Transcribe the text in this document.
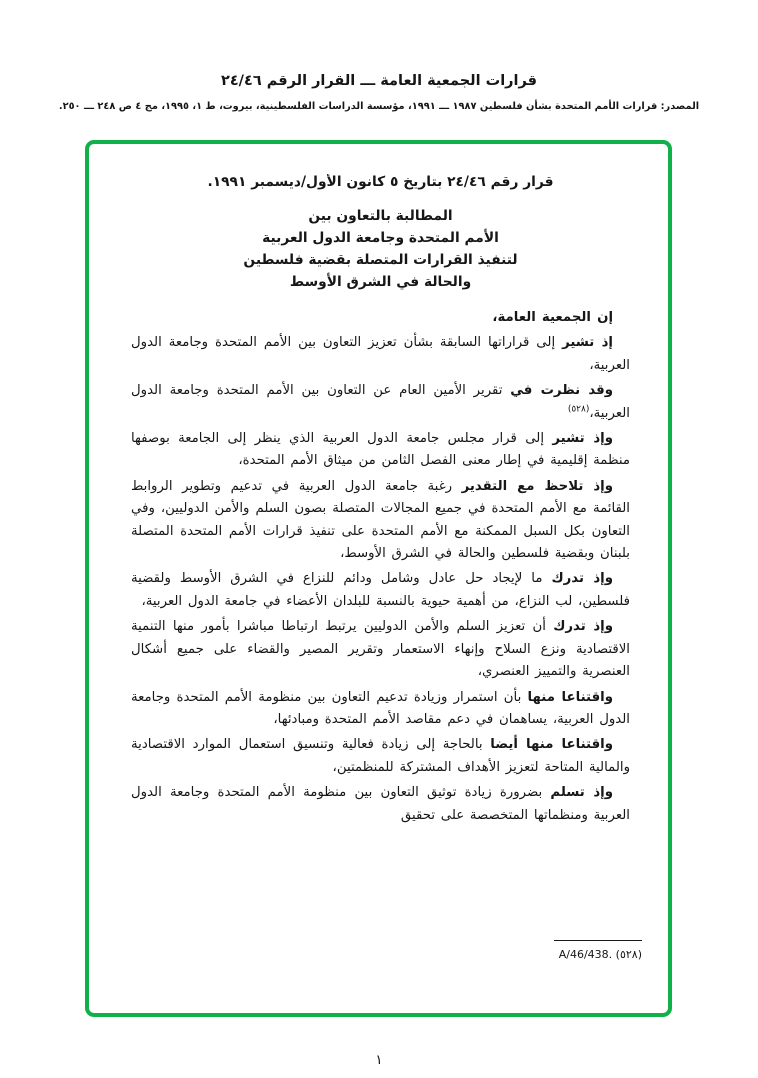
قرارات الجمعية العامة ـــ القرار الرقم ٢٤/٤٦
المصدر: قرارات الأمم المتحدة بشأن فلسطين ١٩٨٧ ـــ ١٩٩١، مؤسسة الدراسات الفلسطينية، بيروت، ط ١، ١٩٩٥، مج ٤ ص ٢٤٨ ـــ ٢٥٠.
قرار رقم ٢٤/٤٦ بتاريخ ٥ كانون الأول/ديسمبر ١٩٩١.
المطالبة بالتعاون بين
الأمم المتحدة وجامعة الدول العربية
لتنفيذ القرارات المتصلة بقضية فلسطين
والحالة في الشرق الأوسط

إن الجمعية العامة،

إذ تشير إلى قراراتها السابقة بشأن تعزيز التعاون بين الأمم المتحدة وجامعة الدول العربية،

وقد نظرت في تقرير الأمين العام عن التعاون بين الأمم المتحدة وجامعة الدول العربية،$^{(٥٢٨)}$

وإذ تشير إلى قرار مجلس جامعة الدول العربية الذي ينظر إلى الجامعة بوصفها منظمة إقليمية في إطار معنى الفصل الثامن من ميثاق الأمم المتحدة،

وإذ تلاحظ مع التقدير رغبة جامعة الدول العربية في تدعيم وتطوير الروابط القائمة مع الأمم المتحدة في جميع المجالات المتصلة بصون السلم والأمن الدوليين، وفي التعاون بكل السبل الممكنة مع الأمم المتحدة على تنفيذ قرارات الأمم المتحدة المتصلة بلبنان وبقضية فلسطين والحالة في الشرق الأوسط،

وإذ تدرك ما لإيجاد حل عادل وشامل ودائم للنزاع في الشرق الأوسط ولقضية فلسطين، لب النزاع، من أهمية حيوية بالنسبة للبلدان الأعضاء في جامعة الدول العربية،

وإذ تدرك أن تعزيز السلم والأمن الدوليين يرتبط ارتباطا مباشرا بأمور منها التنمية الاقتصادية ونزع السلاح وإنهاء الاستعمار وتقرير المصير والقضاء على جميع أشكال العنصرية والتمييز العنصري،

واقتناعا منها بأن استمرار وزيادة تدعيم التعاون بين منظومة الأمم المتحدة وجامعة الدول العربية، يساهمان في دعم مقاصد الأمم المتحدة ومبادئها،

واقتناعا منها أيضا بالحاجة إلى زيادة فعالية وتنسيق استعمال الموارد الاقتصادية والمالية المتاحة لتعزيز الأهداف المشتركة للمنظمتين،

وإذ تسلم بضرورة زيادة توثيق التعاون بين منظومة الأمم المتحدة وجامعة الدول العربية ومنظماتها المتخصصة على تحقيق

(٥٢٨) A/46/438.
١
